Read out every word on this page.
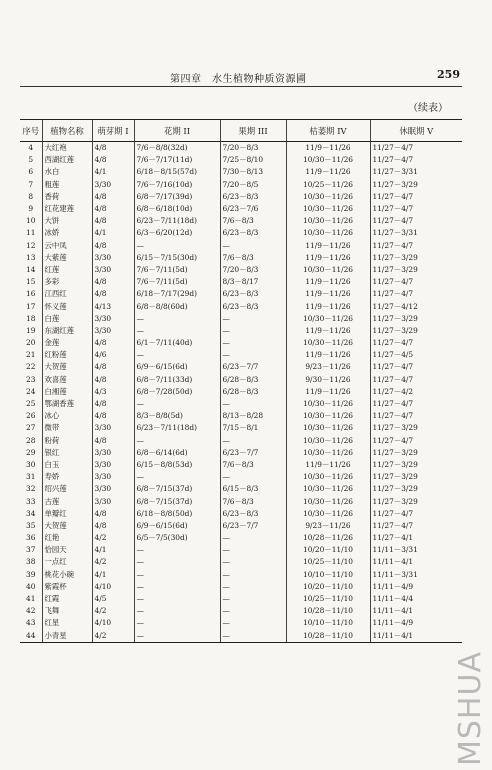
第四章　水生植物种质资源圃	259
（续表）
序号	植物名称	萌芽期 I	花期 II	果期 III	枯萎期 IV	休眠期 V
4	大红袍	4/8	7/6－8/8(32d)	7/20－8/3	11/9－11/26	11/27－4/7
5	西湖红莲	4/8	7/6－7/17(11d)	7/25－8/10	10/30－11/26	11/27－4/7
6	水白	4/1	6/18－8/15(57d)	7/30－8/13	11/9－11/26	11/27－3/31
7	粗莲	3/30	7/6－7/16(10d)	7/20－8/5	10/25－11/26	11/27－3/29
8	香荷	4/8	6/8－7/17(39d)	6/23－8/3	10/30－11/26	11/27－4/7
9	红花建莲	4/8	6/8－6/18(10d)	6/23－7/6	10/30－11/26	11/27－4/7
10	大饼	4/8	6/23－7/11(18d)	7/6－8/3	10/30－11/26	11/27－4/7
11	冰娇	4/1	6/3－6/20(12d)	6/23－8/3	10/30－11/26	11/27－3/31
12	云中凤	4/8	—	—	11/9－11/26	11/27－4/7
13	大紫莲	3/30	6/15－7/15(30d)	7/6－8/3	11/9－11/26	11/27－3/29
14	红莲	3/30	7/6－7/11(5d)	7/20－8/3	10/30－11/26	11/27－3/29
15	多彩	4/8	7/6－7/11(5d)	8/3－8/17	11/9－11/26	11/27－4/7
16	江西红	4/8	6/18－7/17(29d)	6/23－8/3	11/9－11/26	11/27－4/7
17	怀义莲	4/13	6/8－8/8(60d)	6/23－8/3	11/9－11/26	11/27－4/12
18	白莲	3/30	—	—	10/30－11/26	11/27－3/29
19	东湖红莲	3/30	—	—	11/9－11/26	11/27－3/29
20	金莲	4/8	6/1－7/11(40d)	—	10/30－11/26	11/27－4/7
21	红粉莲	4/6	—	—	11/9－11/26	11/27－4/5
22	大贺莲	4/8	6/9－6/15(6d)	6/23－7/7	9/23－11/26	11/27－4/7
23	欢喜莲	4/8	6/8－7/11(33d)	6/28－8/3	9/30－11/26	11/27－4/7
24	白湘莲	4/3	6/8－7/28(50d)	6/28－8/3	11/9－11/26	11/27－4/2
25	鄂湖香莲	4/8	—	—	10/30－11/26	11/27－4/7
26	冰心	4/8	8/3－8/8(5d)	8/13－8/28	10/30－11/26	11/27－4/7
27	微带	3/30	6/23－7/11(18d)	7/15－8/1	10/30－11/26	11/27－3/29
28	粉荷	4/8	—	—	10/30－11/26	11/27－4/7
29	银红	3/30	6/8－6/14(6d)	6/23－7/7	10/30－11/26	11/27－3/29
30	白玉	3/30	6/15－8/8(53d)	7/6－8/3	11/9－11/26	11/27－3/29
31	寿娇	3/30	—	—	10/30－11/26	11/27－3/29
32	绍兴莲	3/30	6/8－7/15(37d)	6/15－8/3	10/30－11/26	11/27－3/29
33	古莲	3/30	6/8－7/15(37d)	7/6－8/3	10/30－11/26	11/27－3/29
34	单瓣红	4/8	6/18－8/8(50d)	6/23－8/3	10/30－11/26	11/27－4/7
35	大贺莲	4/8	6/9－6/15(6d)	6/23－7/7	9/23－11/26	11/27－4/7
36	红艳	4/2	6/5－7/5(30d)	—	10/28－11/26	11/27－4/1
37	恰园天	4/1	—	—	10/20－11/10	11/11－3/31
38	一点红	4/2	—	—	10/25－11/10	11/11－4/1
39	桃花小碗	4/1	—	—	10/10－11/10	11/11－3/31
40	紫霞杯	4/10	—	—	10/20－11/10	11/11－4/9
41	红霞	4/5	—	—	10/25－11/10	11/11－4/4
42	飞舞	4/2	—	—	10/28－11/10	11/11－4/1
43	红星	4/10	—	—	10/10－11/10	11/11－4/9
44	小青星	4/2	—	—	10/28－11/10	11/11－4/1
MSHUA
